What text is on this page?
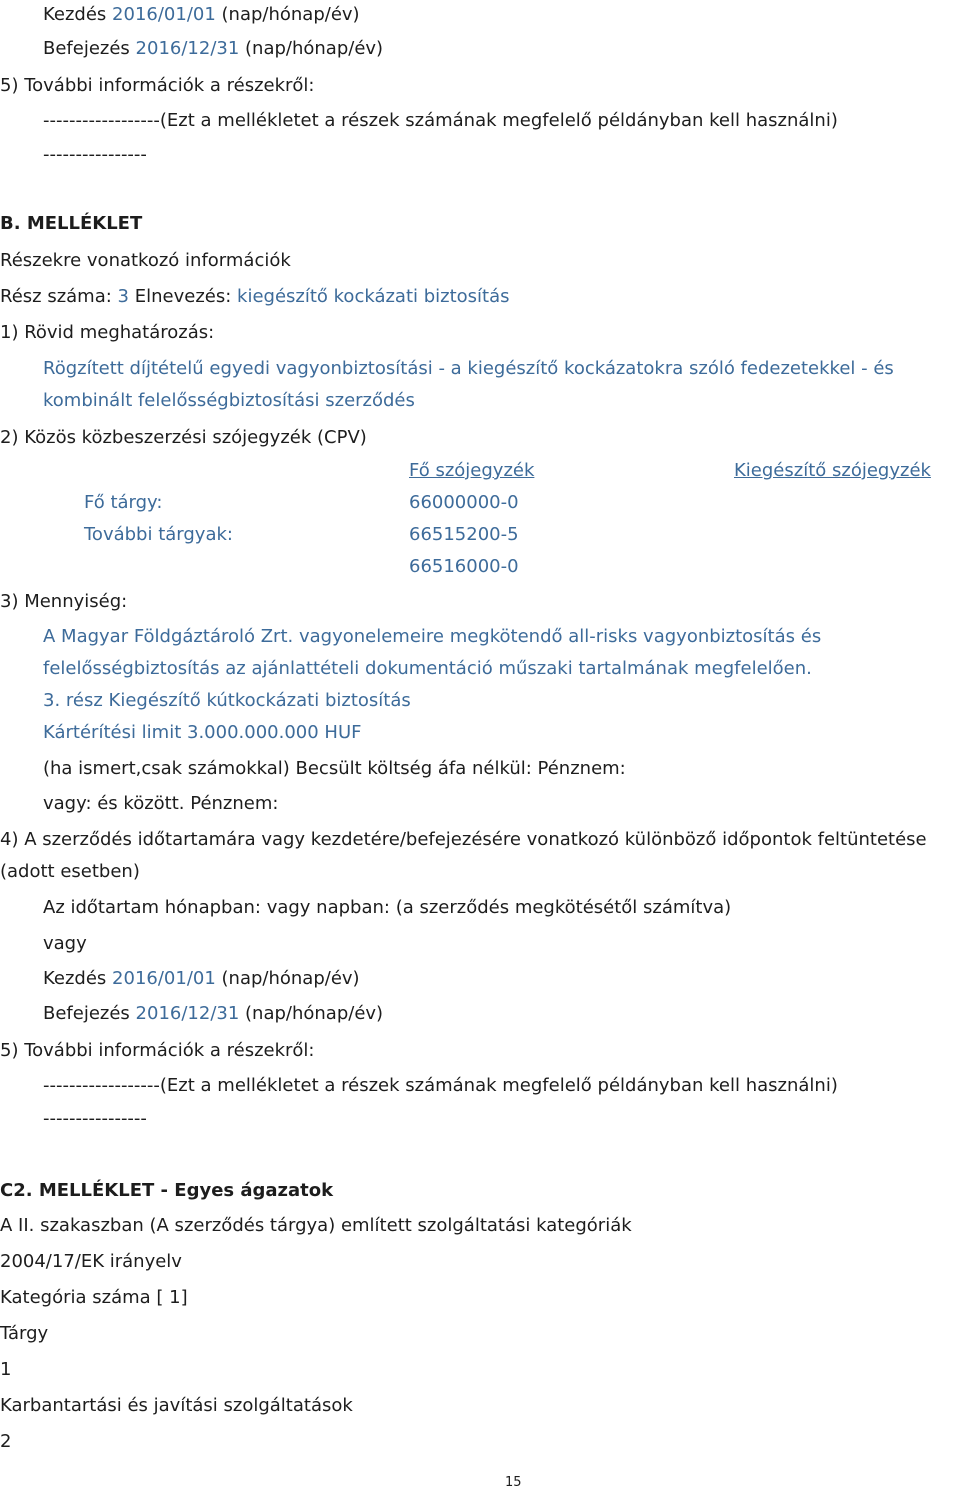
Kezdés 2016/01/01 (nap/hónap/év)
Befejezés 2016/12/31 (nap/hónap/év)
5) További információk a részekről:
------------------(Ezt a mellékletet a részek számának megfelelő példányban kell használni)
----------------
B. MELLÉKLET
Részekre vonatkozó információk
Rész száma: 3 Elnevezés: kiegészítő kockázati biztosítás
1) Rövid meghatározás:
Rögzített díjtételű egyedi vagyonbiztosítási - a kiegészítő kockázatokra szóló fedezetekkel - és
kombinált felelősségbiztosítási szerződés
2) Közös közbeszerzési szójegyzék (CPV)
Fő szójegyzék	Kiegészítő szójegyzék
Fő tárgy:	66000000-0
További tárgyak:	66515200-5
66516000-0
3) Mennyiség:
A Magyar Földgáztároló Zrt. vagyonelemeire megkötendő all-risks vagyonbiztosítás és
felelősségbiztosítás az ajánlattételi dokumentáció műszaki tartalmának megfelelően.
3. rész Kiegészítő kútkockázati biztosítás
Kártérítési limit 3.000.000.000 HUF
(ha ismert,csak számokkal) Becsült költség áfa nélkül: Pénznem:
vagy: és között. Pénznem:
4) A szerződés időtartamára vagy kezdetére/befejezésére vonatkozó különböző időpontok feltüntetése
(adott esetben)
Az időtartam hónapban: vagy napban: (a szerződés megkötésétől számítva)
vagy
Kezdés 2016/01/01 (nap/hónap/év)
Befejezés 2016/12/31 (nap/hónap/év)
5) További információk a részekről:
------------------(Ezt a mellékletet a részek számának megfelelő példányban kell használni)
----------------
C2. MELLÉKLET - Egyes ágazatok
A II. szakaszban (A szerződés tárgya) említett szolgáltatási kategóriák
2004/17/EK irányelv
Kategória száma [ 1]
Tárgy
1
Karbantartási és javítási szolgáltatások
2
15
